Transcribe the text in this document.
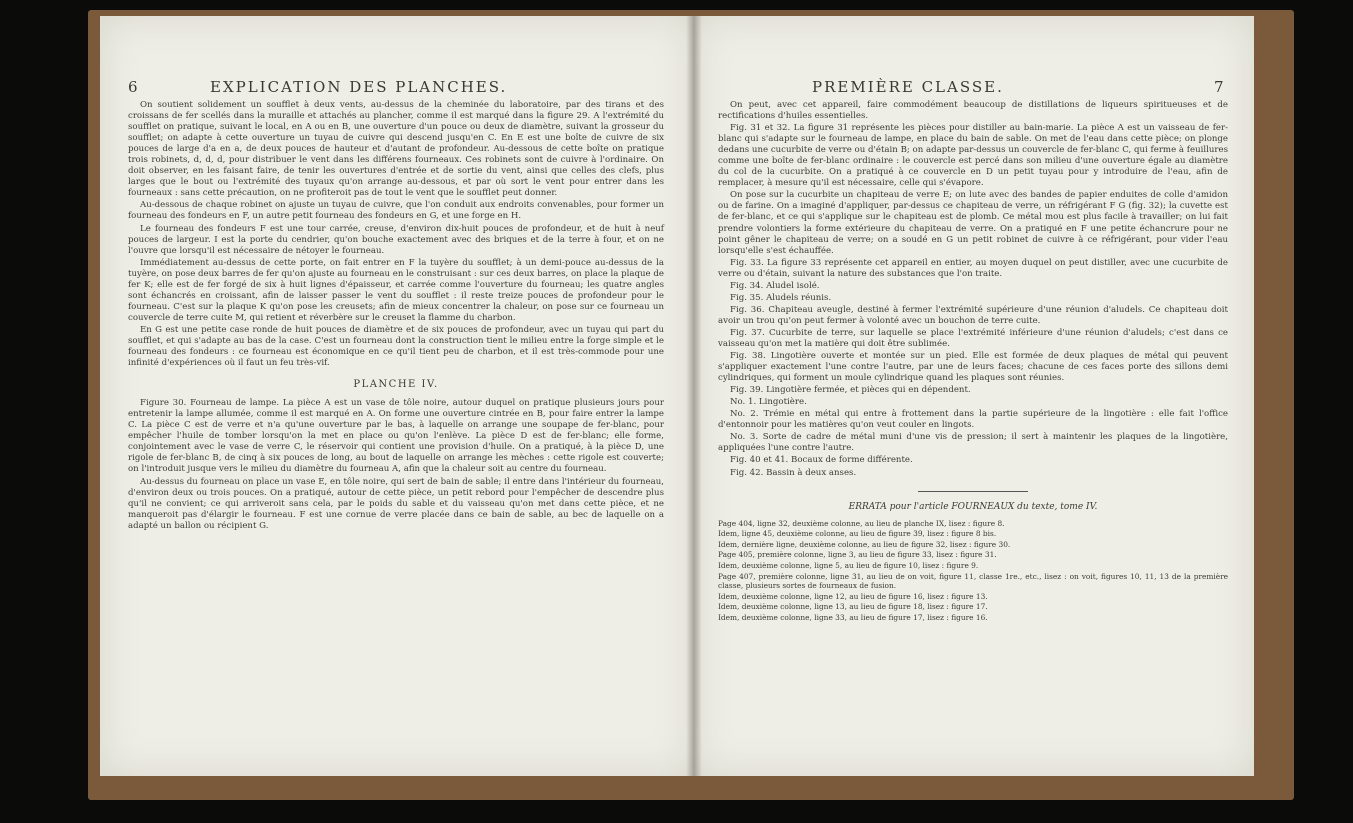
6	EXPLICATION DES PLANCHES.

On soutient solidement un soufflet à deux vents, au-dessus de la cheminée du laboratoire, par des tirans et des croissans de fer scellés dans la muraille et attachés au plancher, comme il est marqué dans la figure 29. A l'extrémité du soufflet on pratique, suivant le local, en A ou en B, une ouverture d'un pouce ou deux de diamètre, suivant la grosseur du soufflet; on adapte à cette ouverture un tuyau de cuivre qui descend jusqu'en C. En E est une boîte de cuivre de six pouces de large d'a en a, de deux pouces de hauteur et d'autant de profondeur. Au-dessous de cette boîte on pratique trois robinets, d, d, d, pour distribuer le vent dans les différens fourneaux. Ces robinets sont de cuivre à l'ordinaire. On doit observer, en les faisant faire, de tenir les ouvertures d'entrée et de sortie du vent, ainsi que celles des clefs, plus larges que le bout ou l'extrémité des tuyaux qu'on arrange au-dessous, et par où sort le vent pour entrer dans les fourneaux : sans cette précaution, on ne profiteroit pas de tout le vent que le soufflet peut donner.

Au-dessous de chaque robinet on ajuste un tuyau de cuivre, que l'on conduit aux endroits convenables, pour former un fourneau des fondeurs en F, un autre petit fourneau des fondeurs en G, et une forge en H.

Le fourneau des fondeurs F est une tour carrée, creuse, d'environ dix-huit pouces de profondeur, et de huit à neuf pouces de largeur. I est la porte du cendrier, qu'on bouche exactement avec des briques et de la terre à four, et on ne l'ouvre que lorsqu'il est nécessaire de nétoyer le fourneau.

Immédiatement au-dessus de cette porte, on fait entrer en F la tuyère du soufflet; à un demi-pouce au-dessus de la tuyère, on pose deux barres de fer qu'on ajuste au fourneau en le construisant : sur ces deux barres, on place la plaque de fer K; elle est de fer forgé de six à huit lignes d'épaisseur, et carrée comme l'ouverture du fourneau; les quatre angles sont échancrés en croissant, afin de laisser passer le vent du soufflet : il reste treize pouces de profondeur pour le fourneau. C'est sur la plaque K qu'on pose les creusets; afin de mieux concentrer la chaleur, on pose sur ce fourneau un couvercle de terre cuite M, qui retient et réverbère sur le creuset la flamme du charbon.

En G est une petite case ronde de huit pouces de diamètre et de six pouces de profondeur, avec un tuyau qui part du soufflet, et qui s'adapte au bas de la case. C'est un fourneau dont la construction tient le milieu entre la forge simple et le fourneau des fondeurs : ce fourneau est économique en ce qu'il tient peu de charbon, et il est très-commode pour une infinité d'expériences où il faut un feu très-vif.

PLANCHE IV.

Figure 30. Fourneau de lampe. La pièce A est un vase de tôle noire, autour duquel on pratique plusieurs jours pour entretenir la lampe allumée, comme il est marqué en A. On forme une ouverture cintrée en B, pour faire entrer la lampe C. La pièce C est de verre et n'a qu'une ouverture par le bas, à laquelle on arrange une soupape de fer-blanc, pour empêcher l'huile de tomber lorsqu'on la met en place ou qu'on l'enlève. La pièce D est de fer-blanc; elle forme, conjointement avec le vase de verre C, le réservoir qui contient une provision d'huile. On a pratiqué, à la pièce D, une rigole de fer-blanc B, de cinq à six pouces de long, au bout de laquelle on arrange les mèches : cette rigole est couverte; on l'introduit jusque vers le milieu du diamètre du fourneau A, afin que la chaleur soit au centre du fourneau.

Au-dessus du fourneau on place un vase E, en tôle noire, qui sert de bain de sable; il entre dans l'intérieur du fourneau, d'environ deux ou trois pouces. On a pratiqué, autour de cette pièce, un petit rebord pour l'empêcher de descendre plus qu'il ne convient; ce qui arriveroit sans cela, par le poids du sable et du vaisseau qu'on met dans cette pièce, et ne manqueroit pas d'élargir le fourneau. F est une cornue de verre placée dans ce bain de sable, au bec de laquelle on a adapté un ballon ou récipient G.

PREMIÈRE CLASSE.	7

On peut, avec cet appareil, faire commodément beaucoup de distillations de liqueurs spiritueuses et de rectifications d'huiles essentielles.

Fig. 31 et 32. La figure 31 représente les pièces pour distiller au bain-marie. La pièce A est un vaisseau de fer-blanc qui s'adapte sur le fourneau de lampe, en place du bain de sable. On met de l'eau dans cette pièce; on plonge dedans une cucurbite de verre ou d'étain B; on adapte par-dessus un couvercle de fer-blanc C, qui ferme à feuillures comme une boîte de fer-blanc ordinaire : le couvercle est percé dans son milieu d'une ouverture égale au diamètre du col de la cucurbite. On a pratiqué à ce couvercle en D un petit tuyau pour y introduire de l'eau, afin de remplacer, à mesure qu'il est nécessaire, celle qui s'évapore.

On pose sur la cucurbite un chapiteau de verre E; on lute avec des bandes de papier enduites de colle d'amidon ou de farine. On a imaginé d'appliquer, par-dessus ce chapiteau de verre, un réfrigérant F G (fig. 32); la cuvette est de fer-blanc, et ce qui s'applique sur le chapiteau est de plomb. Ce métal mou est plus facile à travailler; on lui fait prendre volontiers la forme extérieure du chapiteau de verre. On a pratiqué en F une petite échancrure pour ne point gêner le chapiteau de verre; on a soudé en G un petit robinet de cuivre à ce réfrigérant, pour vider l'eau lorsqu'elle s'est échauffée.

Fig. 33. La figure 33 représente cet appareil en entier, au moyen duquel on peut distiller, avec une cucurbite de verre ou d'étain, suivant la nature des substances que l'on traite.

Fig. 34. Aludel isolé.

Fig. 35. Aludels réunis.

Fig. 36. Chapiteau aveugle, destiné à fermer l'extrémité supérieure d'une réunion d'aludels. Ce chapiteau doit avoir un trou qu'on peut fermer à volonté avec un bouchon de terre cuite.

Fig. 37. Cucurbite de terre, sur laquelle se place l'extrémité inférieure d'une réunion d'aludels; c'est dans ce vaisseau qu'on met la matière qui doit être sublimée.

Fig. 38. Lingotière ouverte et montée sur un pied. Elle est formée de deux plaques de métal qui peuvent s'appliquer exactement l'une contre l'autre, par une de leurs faces; chacune de ces faces porte des sillons demi cylindriques, qui forment un moule cylindrique quand les plaques sont réunies.

Fig. 39. Lingotière fermée, et pièces qui en dépendent.

No. 1. Lingotière.

No. 2. Trémie en métal qui entre à frottement dans la partie supérieure de la lingotière : elle fait l'office d'entonnoir pour les matières qu'on veut couler en lingots.

No. 3. Sorte de cadre de métal muni d'une vis de pression; il sert à maintenir les plaques de la lingotière, appliquées l'une contre l'autre.

Fig. 40 et 41. Bocaux de forme différente.

Fig. 42. Bassin à deux anses.

ERRATA pour l'article FOURNEAUX du texte, tome IV.

Page 404, ligne 32, deuxième colonne, au lieu de planche IX, lisez : figure 8.

Idem, ligne 45, deuxième colonne, au lieu de figure 39, lisez : figure 8 bis.

Idem, dernière ligne, deuxième colonne, au lieu de figure 32, lisez : figure 30.

Page 405, première colonne, ligne 3, au lieu de figure 33, lisez : figure 31.

Idem, deuxième colonne, ligne 5, au lieu de figure 10, lisez : figure 9.

Page 407, première colonne, ligne 31, au lieu de on voit, figure 11, classe 1re., etc., lisez : on voit, figures 10, 11, 13 de la première classe, plusieurs sortes de fourneaux de fusion.

Idem, deuxième colonne, ligne 12, au lieu de figure 16, lisez : figure 13.

Idem, deuxième colonne, ligne 13, au lieu de figure 18, lisez : figure 17.

Idem, deuxième colonne, ligne 33, au lieu de figure 17, lisez : figure 16.
